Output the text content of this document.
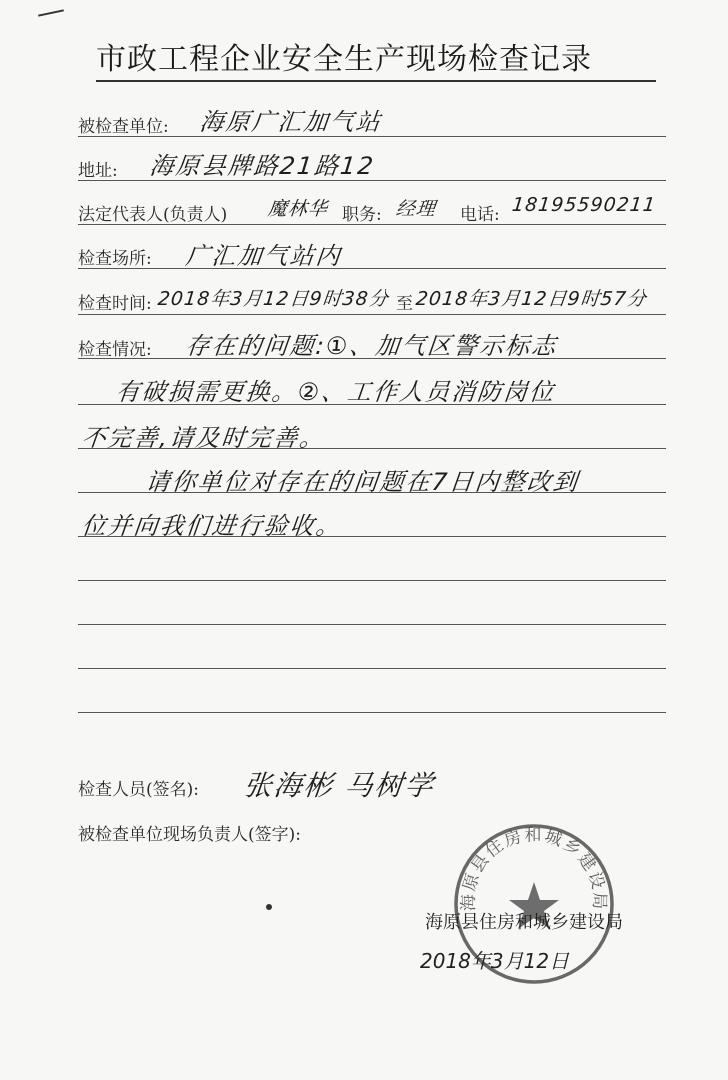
市政工程企业安全生产现场检查记录
被检查单位: 海原广汇加气站
地址: 海原县牌路21路12
法定代表人(负责人) 魔林华 职务: 经理 电话: 18195590211
检查场所: 广汇加气站内
检查时间: 2018年3月12日9时38分 至 2018年3月12日9时57分
检查情况: 存在的问题:①、加气区警示标志
有破损需更换。②、工作人员消防岗位
不完善,请及时完善。
请你单位对存在的问题在7日内整改到
位并向我们进行验收。
检查人员(签名): 张海彬 马树学
被检查单位现场负责人(签字):
海原县住房和城乡建设局
海原县住房和城乡建设局
2018年3月12日
